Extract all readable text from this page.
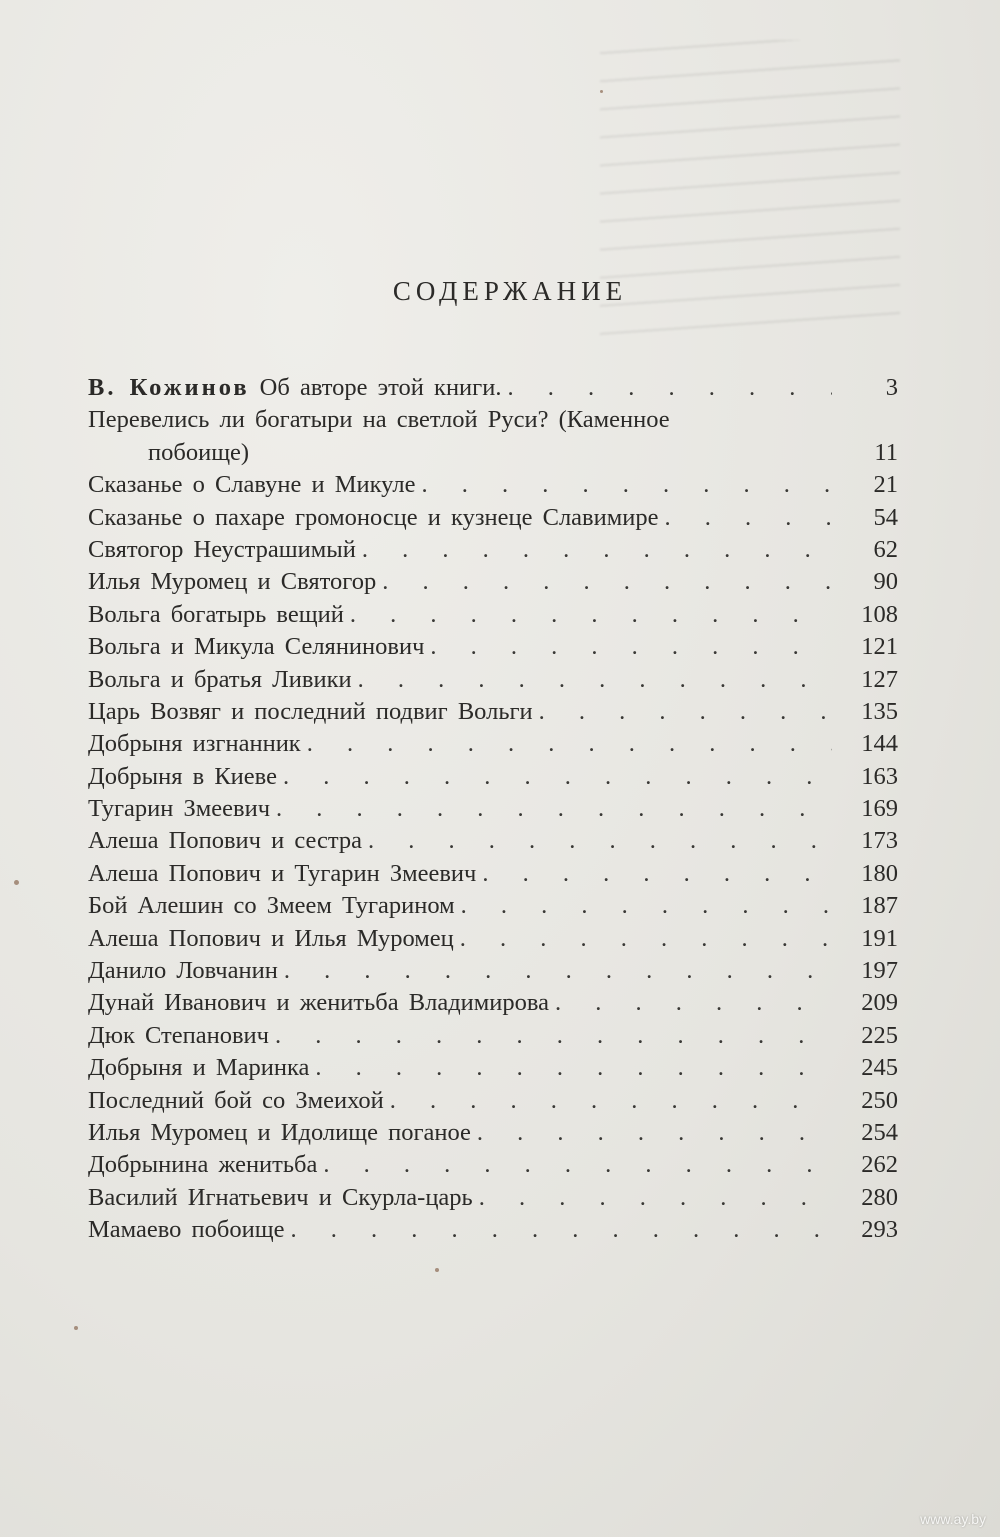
СОДЕРЖАНИЕ
В. Кожинов Об авторе этой книги. . . .	3
Перевелись ли богатыри на светлой Руси? (Каменное
побоище)	11
Сказанье о Славуне и Микуле . . .	21
Сказанье о пахаре громоносце и кузнеце Славимире . . .	54
Святогор Неустрашимый . . .	62
Илья Муромец и Святогор . . .	90
Вольга богатырь вещий . . .	108
Вольга и Микула Селянинович . . .	121
Вольга и братья Ливики . . .	127
Царь Возвяг и последний подвиг Вольги . . .	135
Добрыня изгнанник . . .	144
Добрыня в Киеве . . .	163
Тугарин Змеевич . . .	169
Алеша Попович и сестра . . .	173
Алеша Попович и Тугарин Змеевич . . .	180
Бой Алешин со Змеем Тугарином . . .	187
Алеша Попович и Илья Муромец . . .	191
Данило Ловчанин . . .	197
Дунай Иванович и женитьба Владимирова . . .	209
Дюк Степанович . . .	225
Добрыня и Маринка . . .	245
Последний бой со Змеихой . . .	250
Илья Муромец и Идолище поганое . . .	254
Добрынина женитьба . . .	262
Василий Игнатьевич и Скурла-царь . . .	280
Мамаево побоище . . .	293
www.ay.by
